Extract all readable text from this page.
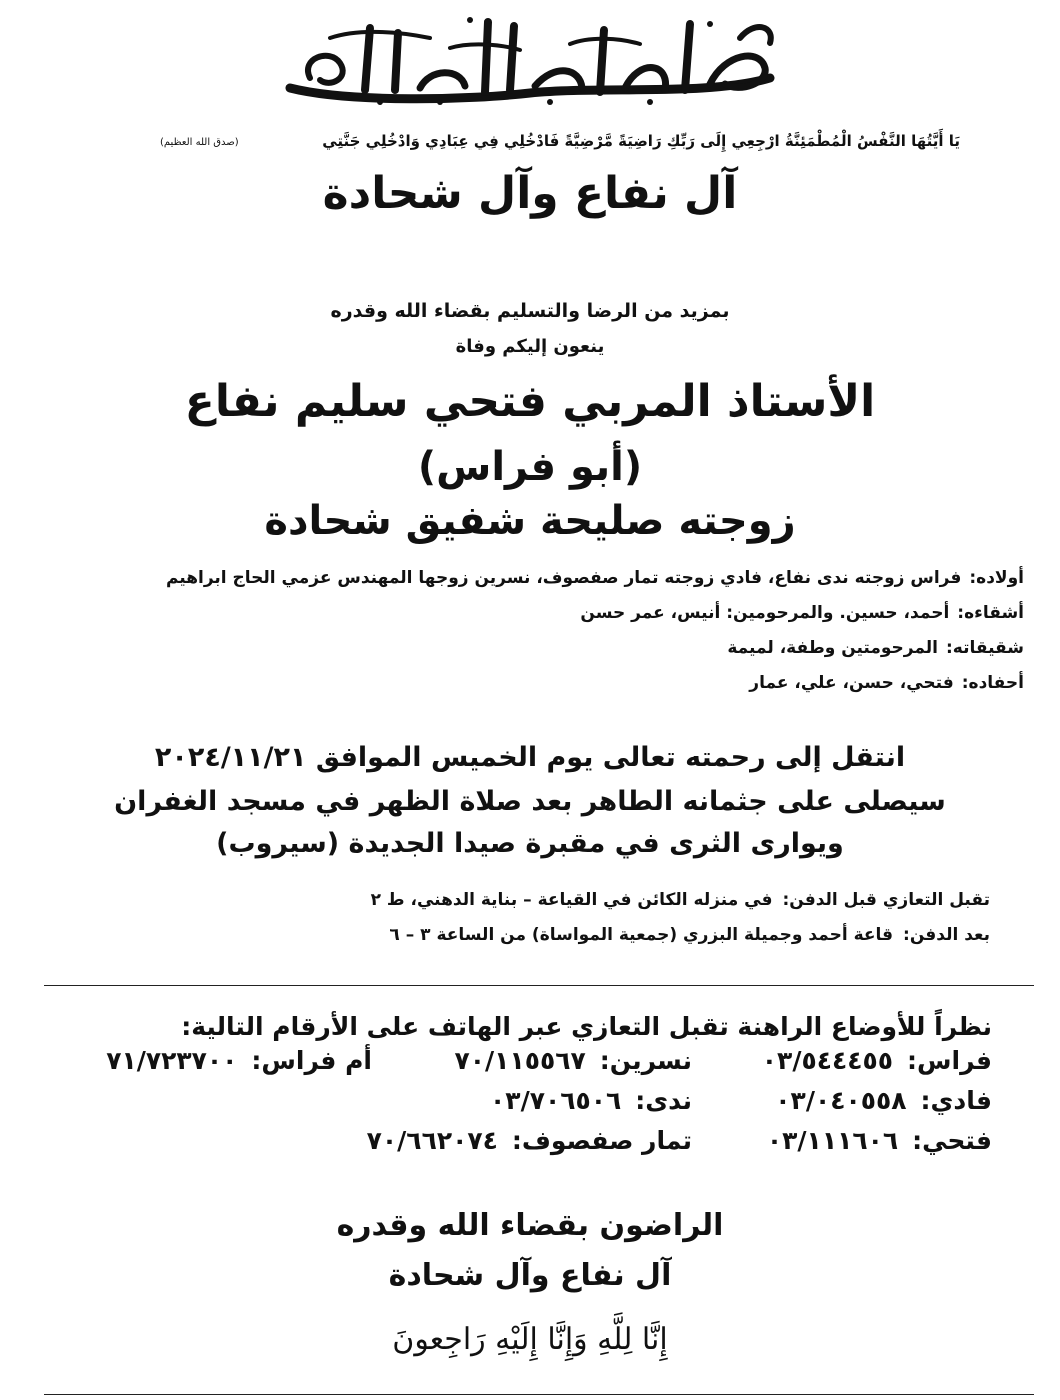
يَا أَيَّتُهَا النَّفْسُ الْمُطْمَئِنَّةُ ارْجِعِي إِلَى رَبِّكِ رَاضِيَةً مَّرْضِيَّةً فَادْخُلِي فِي عِبَادِي وَادْخُلِي جَنَّتِي
(صدق الله العظيم)
آل نفاع وآل شحادة
بمزيد من الرضا والتسليم بقضاء الله وقدره
ينعون إليكم وفاة
الأستاذ المربي فتحي سليم نفاع
(أبو فراس)
زوجته صليحة شفيق شحادة
أولاده:فراس زوجته ندى نفاع، فادي زوجته تمار صفصوف، نسرين زوجها المهندس عزمي الحاج ابراهيم
أشقاءه:أحمد، حسين. والمرحومين: أنيس، عمر حسن
شقيقاته:المرحومتين وطفة، لميمة
أحفاده:فتحي، حسن، علي، عمار
انتقل إلى رحمته تعالى يوم الخميس الموافق ٢٠٢٤/١١/٢١
سيصلى على جثمانه الطاهر بعد صلاة الظهر في مسجد الغفران
ويوارى الثرى في مقبرة صيدا الجديدة (سيروب)
تقبل التعازي قبل الدفن:في منزله الكائن في القياعة – بناية الدهني، ط ٢
بعد الدفن:قاعة أحمد وجميلة البزري (جمعية المواساة) من الساعة ٣ – ٦
نظراً للأوضاع الراهنة تقبل التعازي عبر الهاتف على الأرقام التالية:
فراس:٠٣/٥٤٤٤٥٥
نسرين:٧٠/١١٥٥٦٧
أم فراس:٧١/٧٢٣٧٠٠
فادي:٠٣/٠٤٠٥٥٨
ندى:٠٣/٧٠٦٥٠٦
فتحي:٠٣/١١١٦٠٦
تمار صفصوف:٧٠/٦٦٢٠٧٤
الراضون بقضاء الله وقدره
آل نفاع وآل شحادة
إِنَّا لِلَّهِ وَإِنَّا إِلَيْهِ رَاجِعونَ
